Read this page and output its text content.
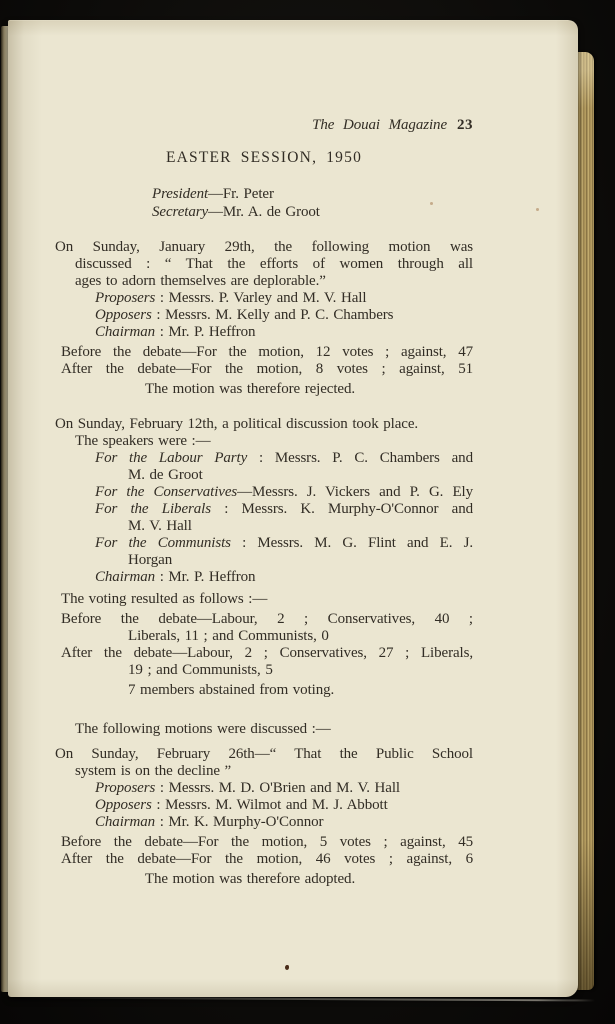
The Douai Magazine 23

EASTER SESSION, 1950

President—Fr. Peter

Secretary—Mr. A. de Groot

On Sunday, January 29th, the following motion was

discussed : “ That the efforts of women through all

ages to adorn themselves are deplorable.”

Proposers : Messrs. P. Varley and M. V. Hall

Opposers : Messrs. M. Kelly and P. C. Chambers

Chairman : Mr. P. Heffron

Before the debate—For the motion, 12 votes ; against, 47

After the debate—For the motion, 8 votes ; against, 51

The motion was therefore rejected.

On Sunday, February 12th, a political discussion took place.

The speakers were :—

For the Labour Party : Messrs. P. C. Chambers and

M. de Groot

For the Conservatives—Messrs. J. Vickers and P. G. Ely

For the Liberals : Messrs. K. Murphy-O'Connor and

M. V. Hall

For the Communists : Messrs. M. G. Flint and E. J.

Horgan

Chairman : Mr. P. Heffron

The voting resulted as follows :—

Before the debate—Labour, 2 ; Conservatives, 40 ;

Liberals, 11 ; and Communists, 0

After the debate—Labour, 2 ; Conservatives, 27 ; Liberals,

19 ; and Communists, 5

7 members abstained from voting.

The following motions were discussed :—

On Sunday, February 26th—“ That the Public School

system is on the decline ”

Proposers : Messrs. M. D. O'Brien and M. V. Hall

Opposers : Messrs. M. Wilmot and M. J. Abbott

Chairman : Mr. K. Murphy-O'Connor

Before the debate—For the motion, 5 votes ; against, 45

After the debate—For the motion, 46 votes ; against, 6

The motion was therefore adopted.
